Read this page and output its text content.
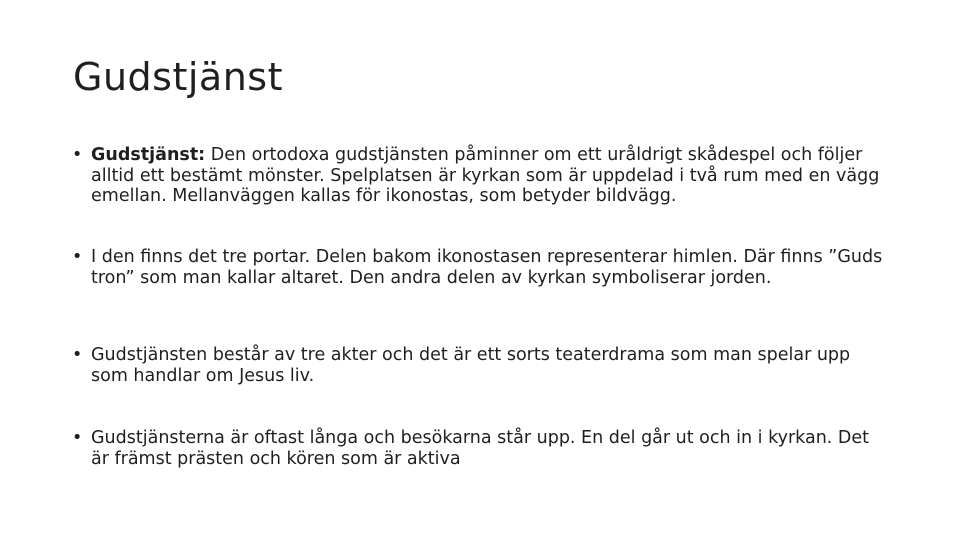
Gudstjänst
• Gudstjänst: Den ortodoxa gudstjänsten påminner om ett uråldrigt skådespel och följer alltid ett bestämt mönster. Spelplatsen är kyrkan som är uppdelad i två rum med en vägg emellan. Mellanväggen kallas för ikonostas, som betyder bildvägg.
• I den finns det tre portar. Delen bakom ikonostasen representerar himlen. Där finns ”Guds tron” som man kallar altaret. Den andra delen av kyrkan symboliserar jorden.
• Gudstjänsten består av tre akter och det är ett sorts teaterdrama som man spelar upp som handlar om Jesus liv.
• Gudstjänsterna är oftast långa och besökarna står upp. En del går ut och in i kyrkan. Det är främst prästen och kören som är aktiva
